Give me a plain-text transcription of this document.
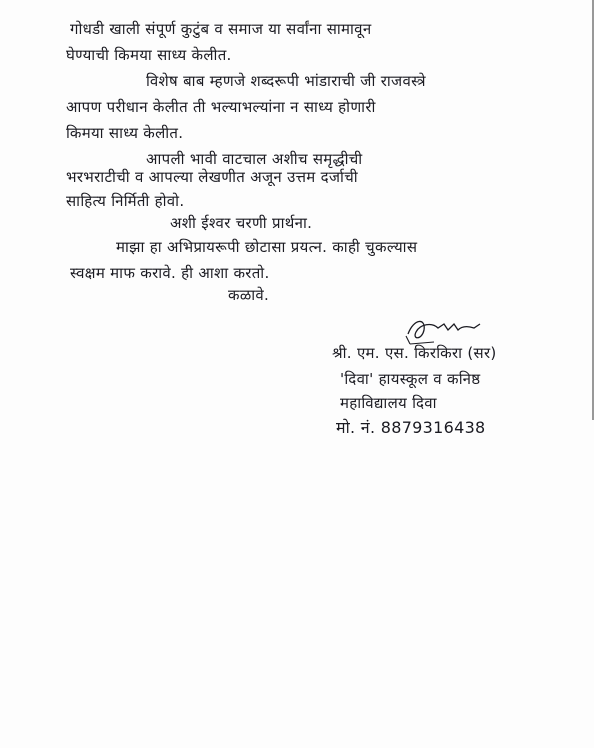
गोधडी खाली संपूर्ण कुटुंब व समाज या सर्वांना सामावून
घेण्याची किमया साध्य केलीत.
विशेष बाब म्हणजे शब्दरूपी भांडाराची जी राजवस्त्रे
आपण परीधान केलीत ती भल्याभल्यांना न साध्य होणारी
किमया साध्य केलीत.
आपली भावी वाटचाल अशीच समृद्धीची
भरभराटीची व आपल्या लेखणीत अजून उत्तम दर्जाची
साहित्य निर्मिती होवो.
अशी ईश्वर चरणी प्रार्थना.
माझा हा अभिप्रायरूपी छोटासा प्रयत्न. काही चुकल्यास
स्वक्षम माफ करावे. ही आशा करतो.
कळावे.
श्री. एम. एस. किरकिरा (सर)
'दिवा' हायस्कूल व कनिष्ठ
महाविद्यालय दिवा
मो. नं. 8879316438
